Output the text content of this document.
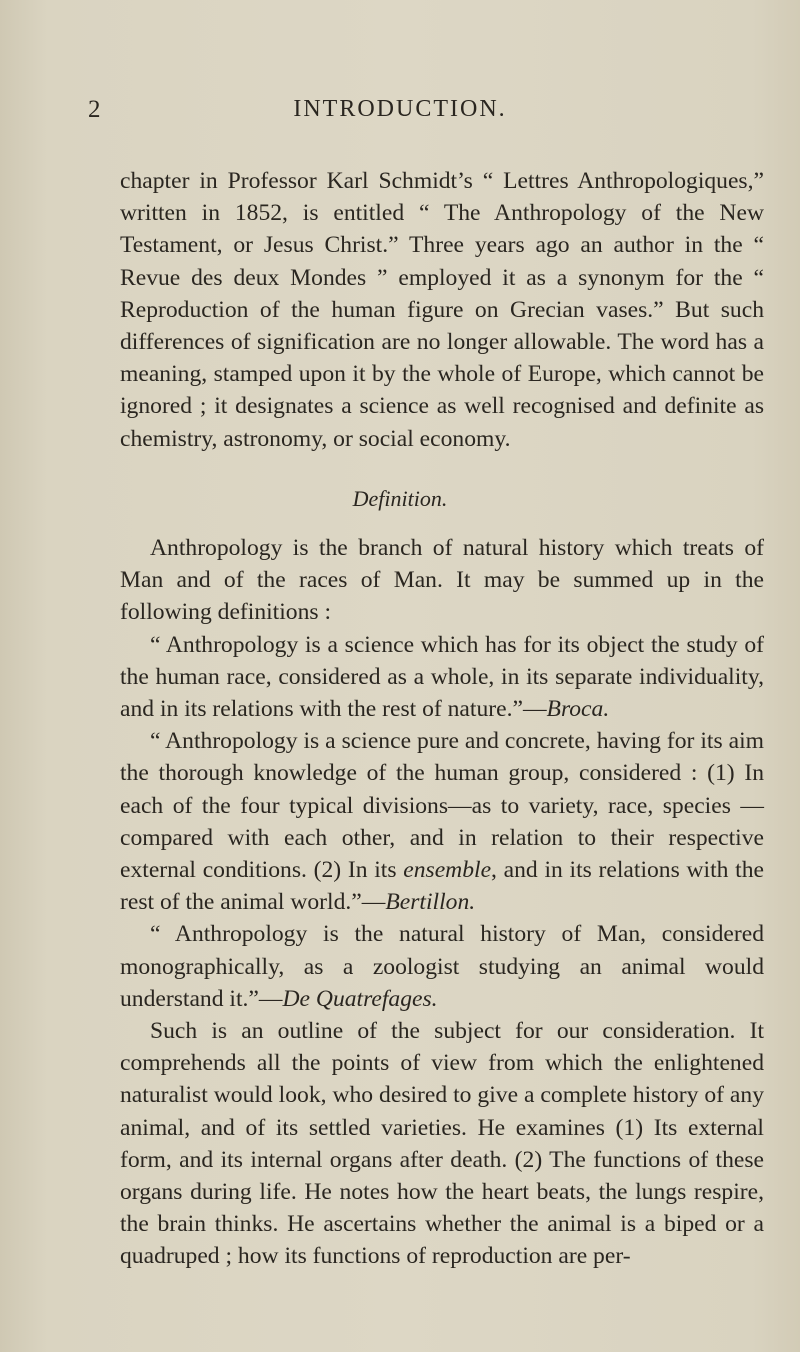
2	INTRODUCTION.

chapter in Professor Karl Schmidt’s “ Lettres Anthropologiques,” written in 1852, is entitled “ The Anthropology of the New Testament, or Jesus Christ.” Three years ago an author in the “ Revue des deux Mondes ” employed it as a synonym for the “ Reproduction of the human figure on Grecian vases.” But such differences of signification are no longer allowable. The word has a meaning, stamped upon it by the whole of Europe, which cannot be ignored ; it designates a science as well recognised and definite as chemistry, astronomy, or social economy.

Definition.

Anthropology is the branch of natural history which treats of Man and of the races of Man. It may be summed up in the following definitions :

“ Anthropology is a science which has for its object the study of the human race, considered as a whole, in its separate individuality, and in its relations with the rest of nature.”—Broca.

“ Anthropology is a science pure and concrete, having for its aim the thorough knowledge of the human group, considered : (1) In each of the four typical divisions—as to variety, race, species —compared with each other, and in relation to their respective external conditions. (2) In its ensemble, and in its relations with the rest of the animal world.”—Bertillon.

“ Anthropology is the natural history of Man, considered monographically, as a zoologist studying an animal would understand it.”—De Quatrefages.

Such is an outline of the subject for our consideration. It comprehends all the points of view from which the enlightened naturalist would look, who desired to give a complete history of any animal, and of its settled varieties. He examines (1) Its external form, and its internal organs after death. (2) The functions of these organs during life. He notes how the heart beats, the lungs respire, the brain thinks. He ascertains whether the animal is a biped or a quadruped ; how its functions of reproduction are per-
